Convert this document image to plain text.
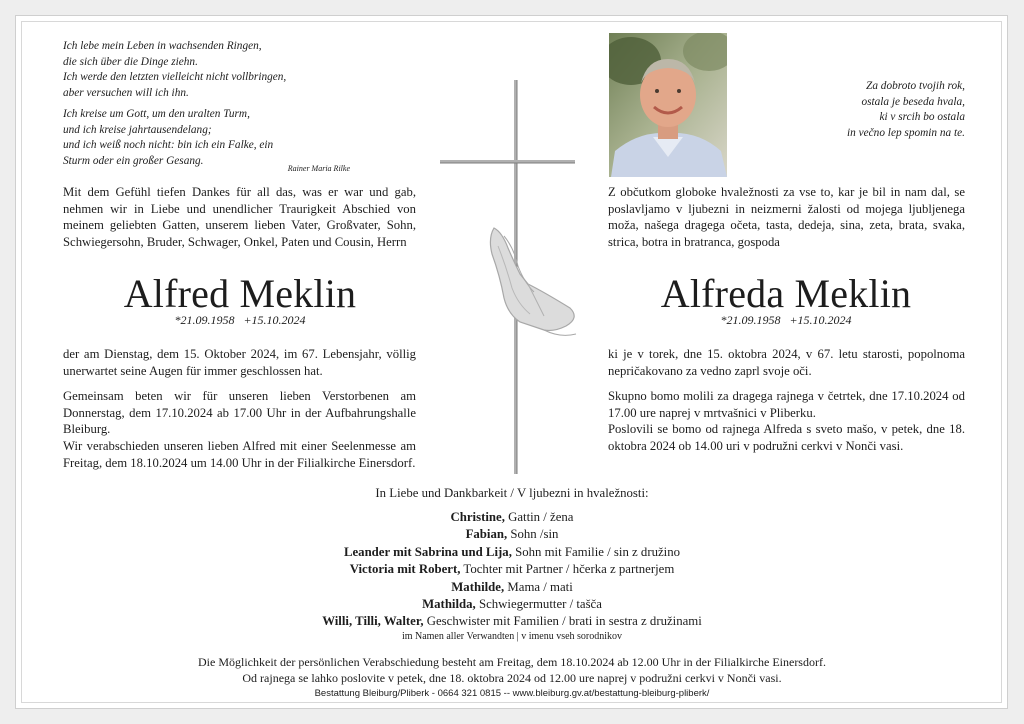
Ich lebe mein Leben in wachsenden Ringen,

die sich über die Dinge ziehn.

Ich werde den letzten vielleicht nicht vollbringen,

aber versuchen will ich ihn.

Ich kreise um Gott, um den uralten Turm,

und ich kreise jahrtausendelang;

und ich weiß noch nicht: bin ich ein Falke, ein

Sturm oder ein großer Gesang.

Rainer Maria Rilke

Za dobroto tvojih rok,

ostala je beseda hvala,

ki v srcih bo ostala

in večno lep spomin na te.

Mit dem Gefühl tiefen Dankes für all das, was er war und gab, nehmen wir in Liebe und unendlicher Traurigkeit Abschied von meinem geliebten Gatten, unserem lieben Vater, Großvater, Sohn, Schwiegersohn, Bruder, Schwager, Onkel, Paten und Cousin, Herrn

Alfred Meklin
*21.09.1958 +15.10.2024

der am Dienstag, dem 15. Oktober 2024, im 67. Lebensjahr, völlig unerwartet seine Augen für immer geschlossen hat.

Gemeinsam beten wir für unseren lieben Verstorbenen am Donnerstag, dem 17.10.2024 ab 17.00 Uhr in der Aufbahrungshalle Bleiburg.

Wir verabschieden unseren lieben Alfred mit einer Seelenmesse am Freitag, dem 18.10.2024 um 14.00 Uhr in der Filialkirche Einersdorf.

Z občutkom globoke hvaležnosti za vse to, kar je bil in nam dal, se poslavljamo v ljubezni in neizmerni žalosti od mojega ljubljenega moža, našega dragega očeta, tasta, dedeja, sina, zeta, brata, svaka, strica, botra in bratranca, gospoda

Alfreda Meklin
*21.09.1958 +15.10.2024

ki je v torek, dne 15. oktobra 2024, v 67. letu starosti, popolnoma nepričakovano za vedno zaprl svoje oči.

Skupno bomo molili za dragega rajnega v četrtek, dne 17.10.2024 od 17.00 ure naprej v mrtvašnici v Pliberku.

Poslovili se bomo od rajnega Alfreda s sveto mašo, v petek, dne 18. oktobra 2024 ob 14.00 uri v podružni cerkvi v Nonči vasi.

In Liebe und Dankbarkeit / V ljubezni in hvaležnosti:
Christine, Gattin / žena
Fabian, Sohn /sin
Leander mit Sabrina und Lija, Sohn mit Familie / sin z družino
Victoria mit Robert, Tochter mit Partner / hčerka z partnerjem
Mathilde, Mama / mati
Mathilda, Schwiegermutter / tašča
Willi, Tilli, Walter, Geschwister mit Familien / brati in sestra z družinami
im Namen aller Verwandten | v imenu vseh sorodnikov
Die Möglichkeit der persönlichen Verabschiedung besteht am Freitag, dem 18.10.2024 ab 12.00 Uhr in der Filialkirche Einersdorf.
Od rajnega se lahko poslovite v petek, dne 18. oktobra 2024 od 12.00 ure naprej v podružni cerkvi v Nonči vasi.
Bestattung Bleiburg/Pliberk - 0664 321 0815 -- www.bleiburg.gv.at/bestattung-bleiburg-pliberk/
